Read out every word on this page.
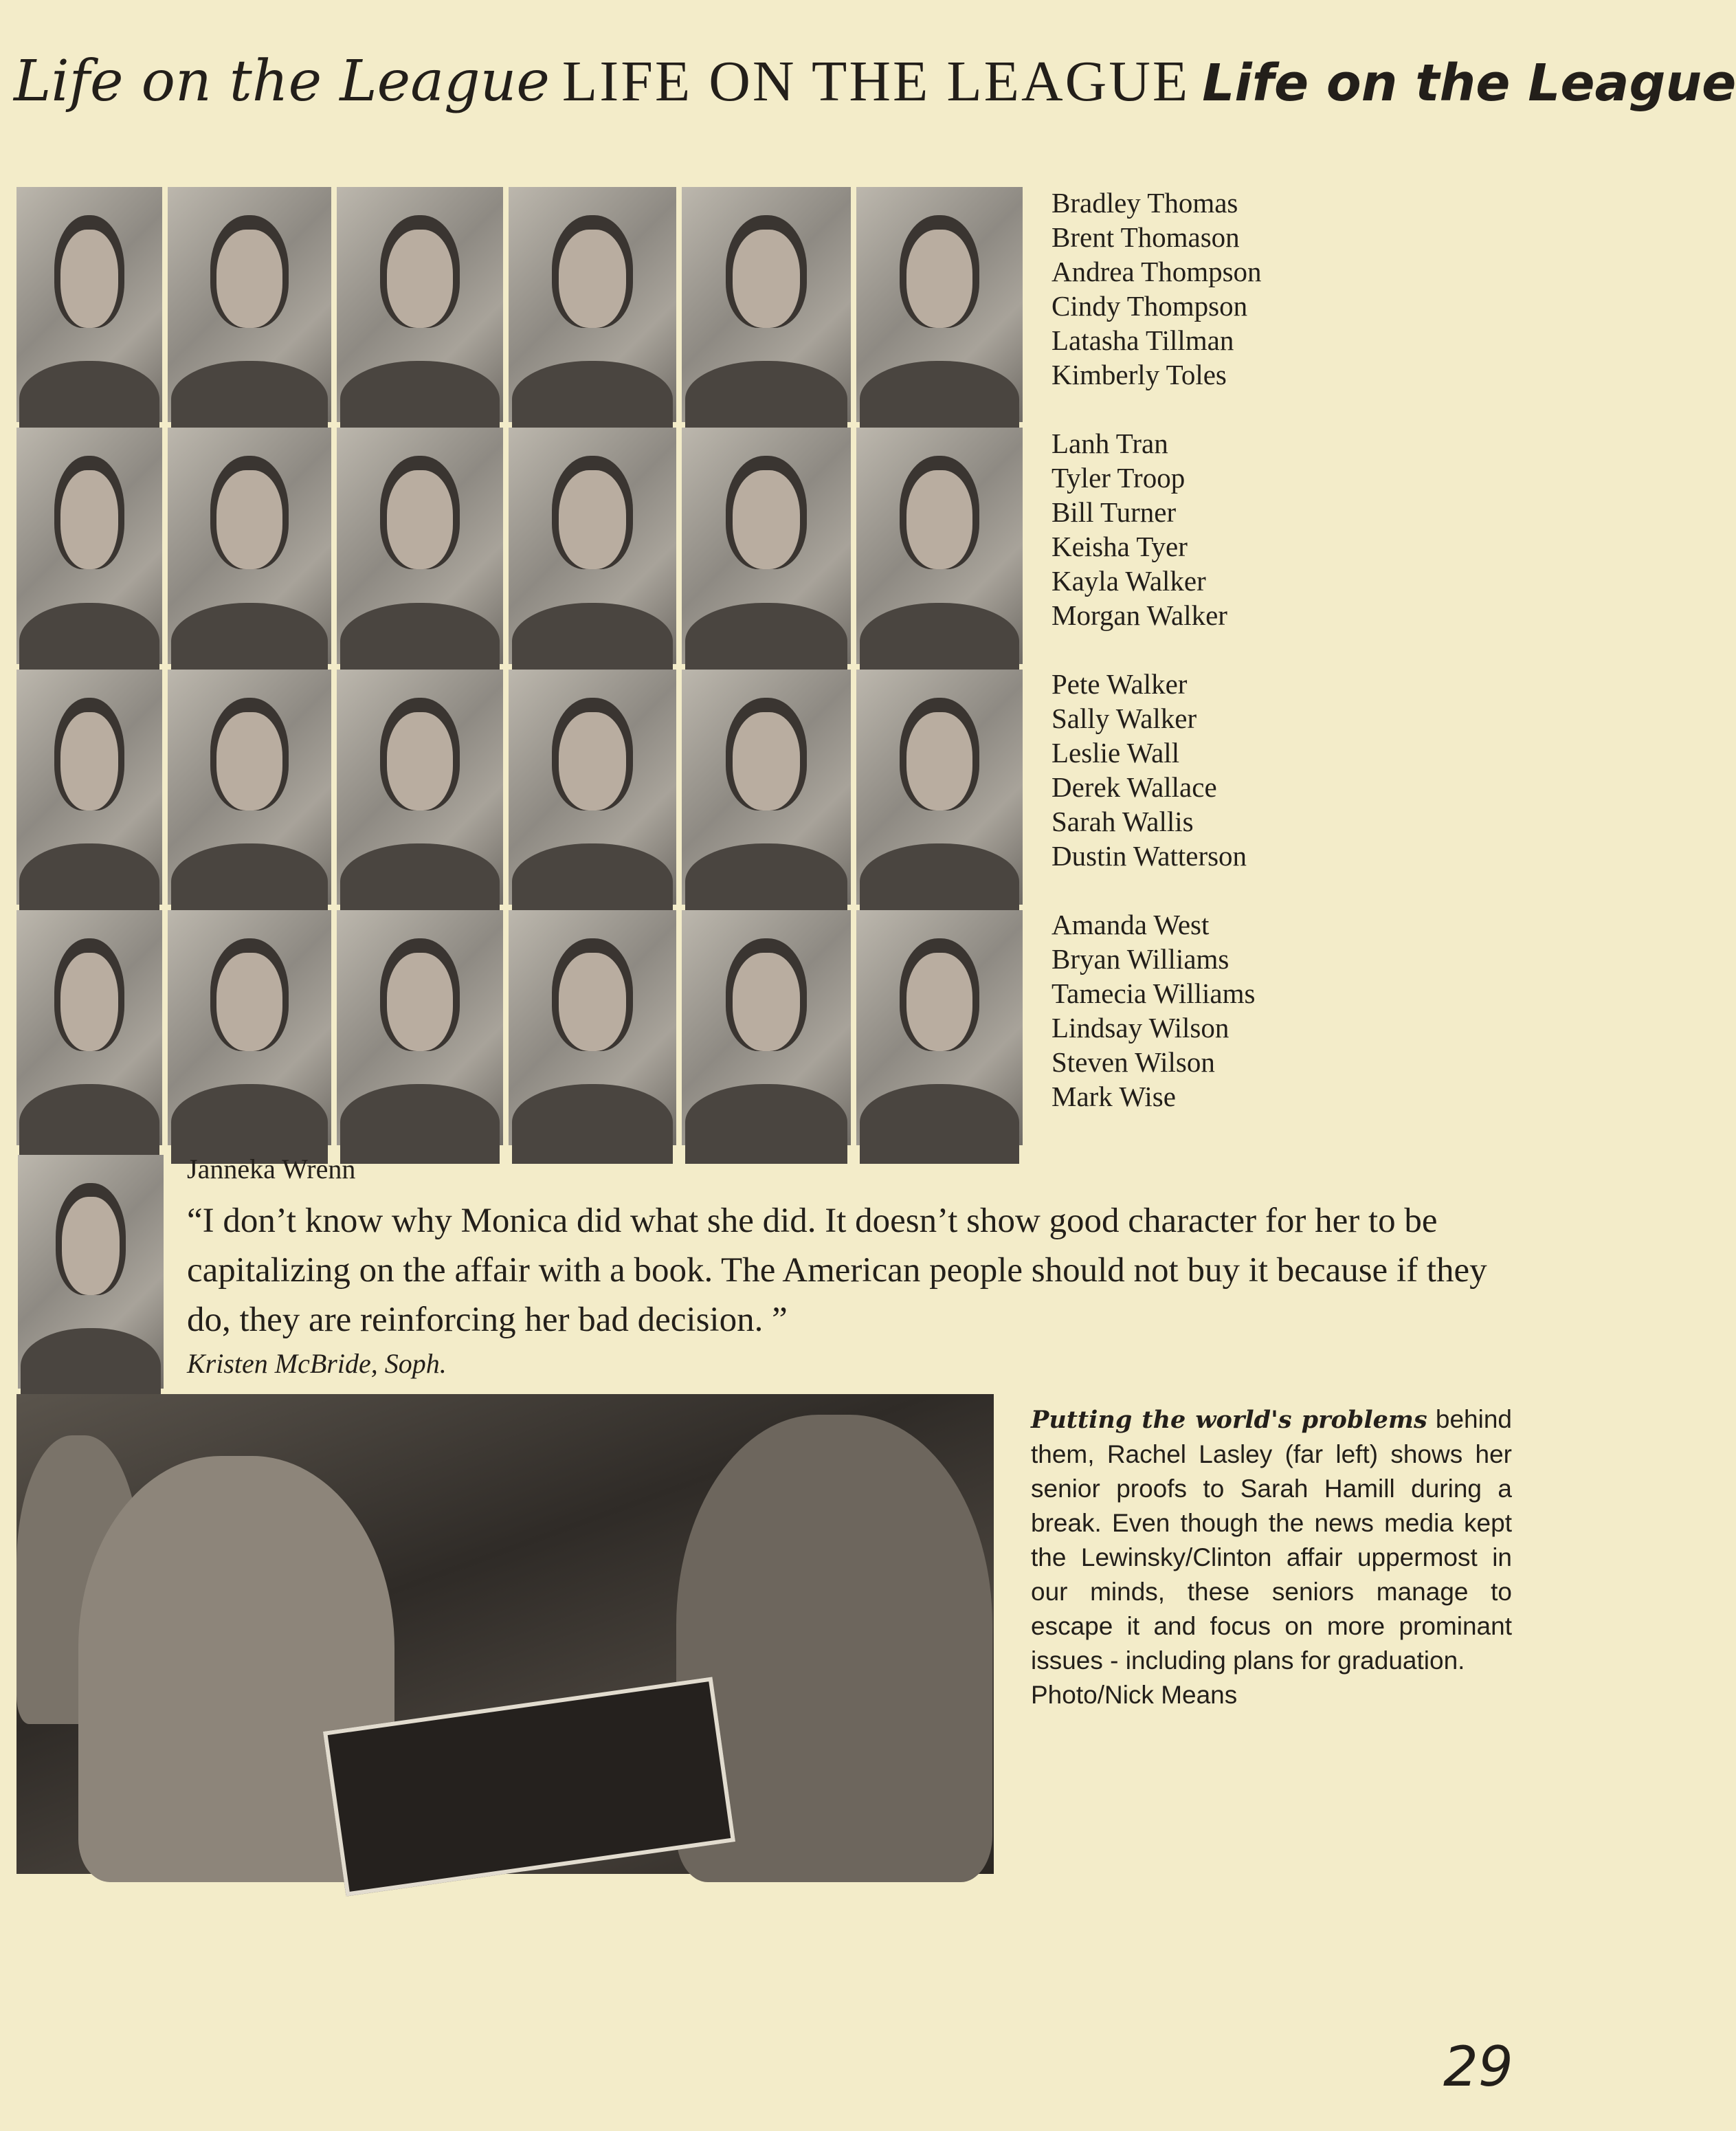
Life on the League LIFE ON THE LEAGUE Life on the League
Bradley Thomas
Brent Thomason
Andrea Thompson
Cindy Thompson
Latasha Tillman
Kimberly Toles
Lanh Tran
Tyler Troop
Bill Turner
Keisha Tyer
Kayla Walker
Morgan Walker
Pete Walker
Sally Walker
Leslie Wall
Derek Wallace
Sarah Wallis
Dustin Watterson
Amanda West
Bryan Williams
Tamecia Williams
Lindsay Wilson
Steven Wilson
Mark Wise
Janneka Wrenn
“I don’t know why Monica did what she did. It doesn’t show good character for her to be capitalizing on the affair with a book. The American people should not buy it because if they do, they are reinforcing her bad decision. ”
Kristen McBride, Soph.
Putting the world's problems behind them, Rachel Lasley (far left) shows her senior proofs to Sarah Hamill during a break. Even though the news media kept the Lewinsky/Clinton affair uppermost in our minds, these seniors manage to escape it and focus on more prominant issues - including plans for graduation.
Photo/Nick Means
29
